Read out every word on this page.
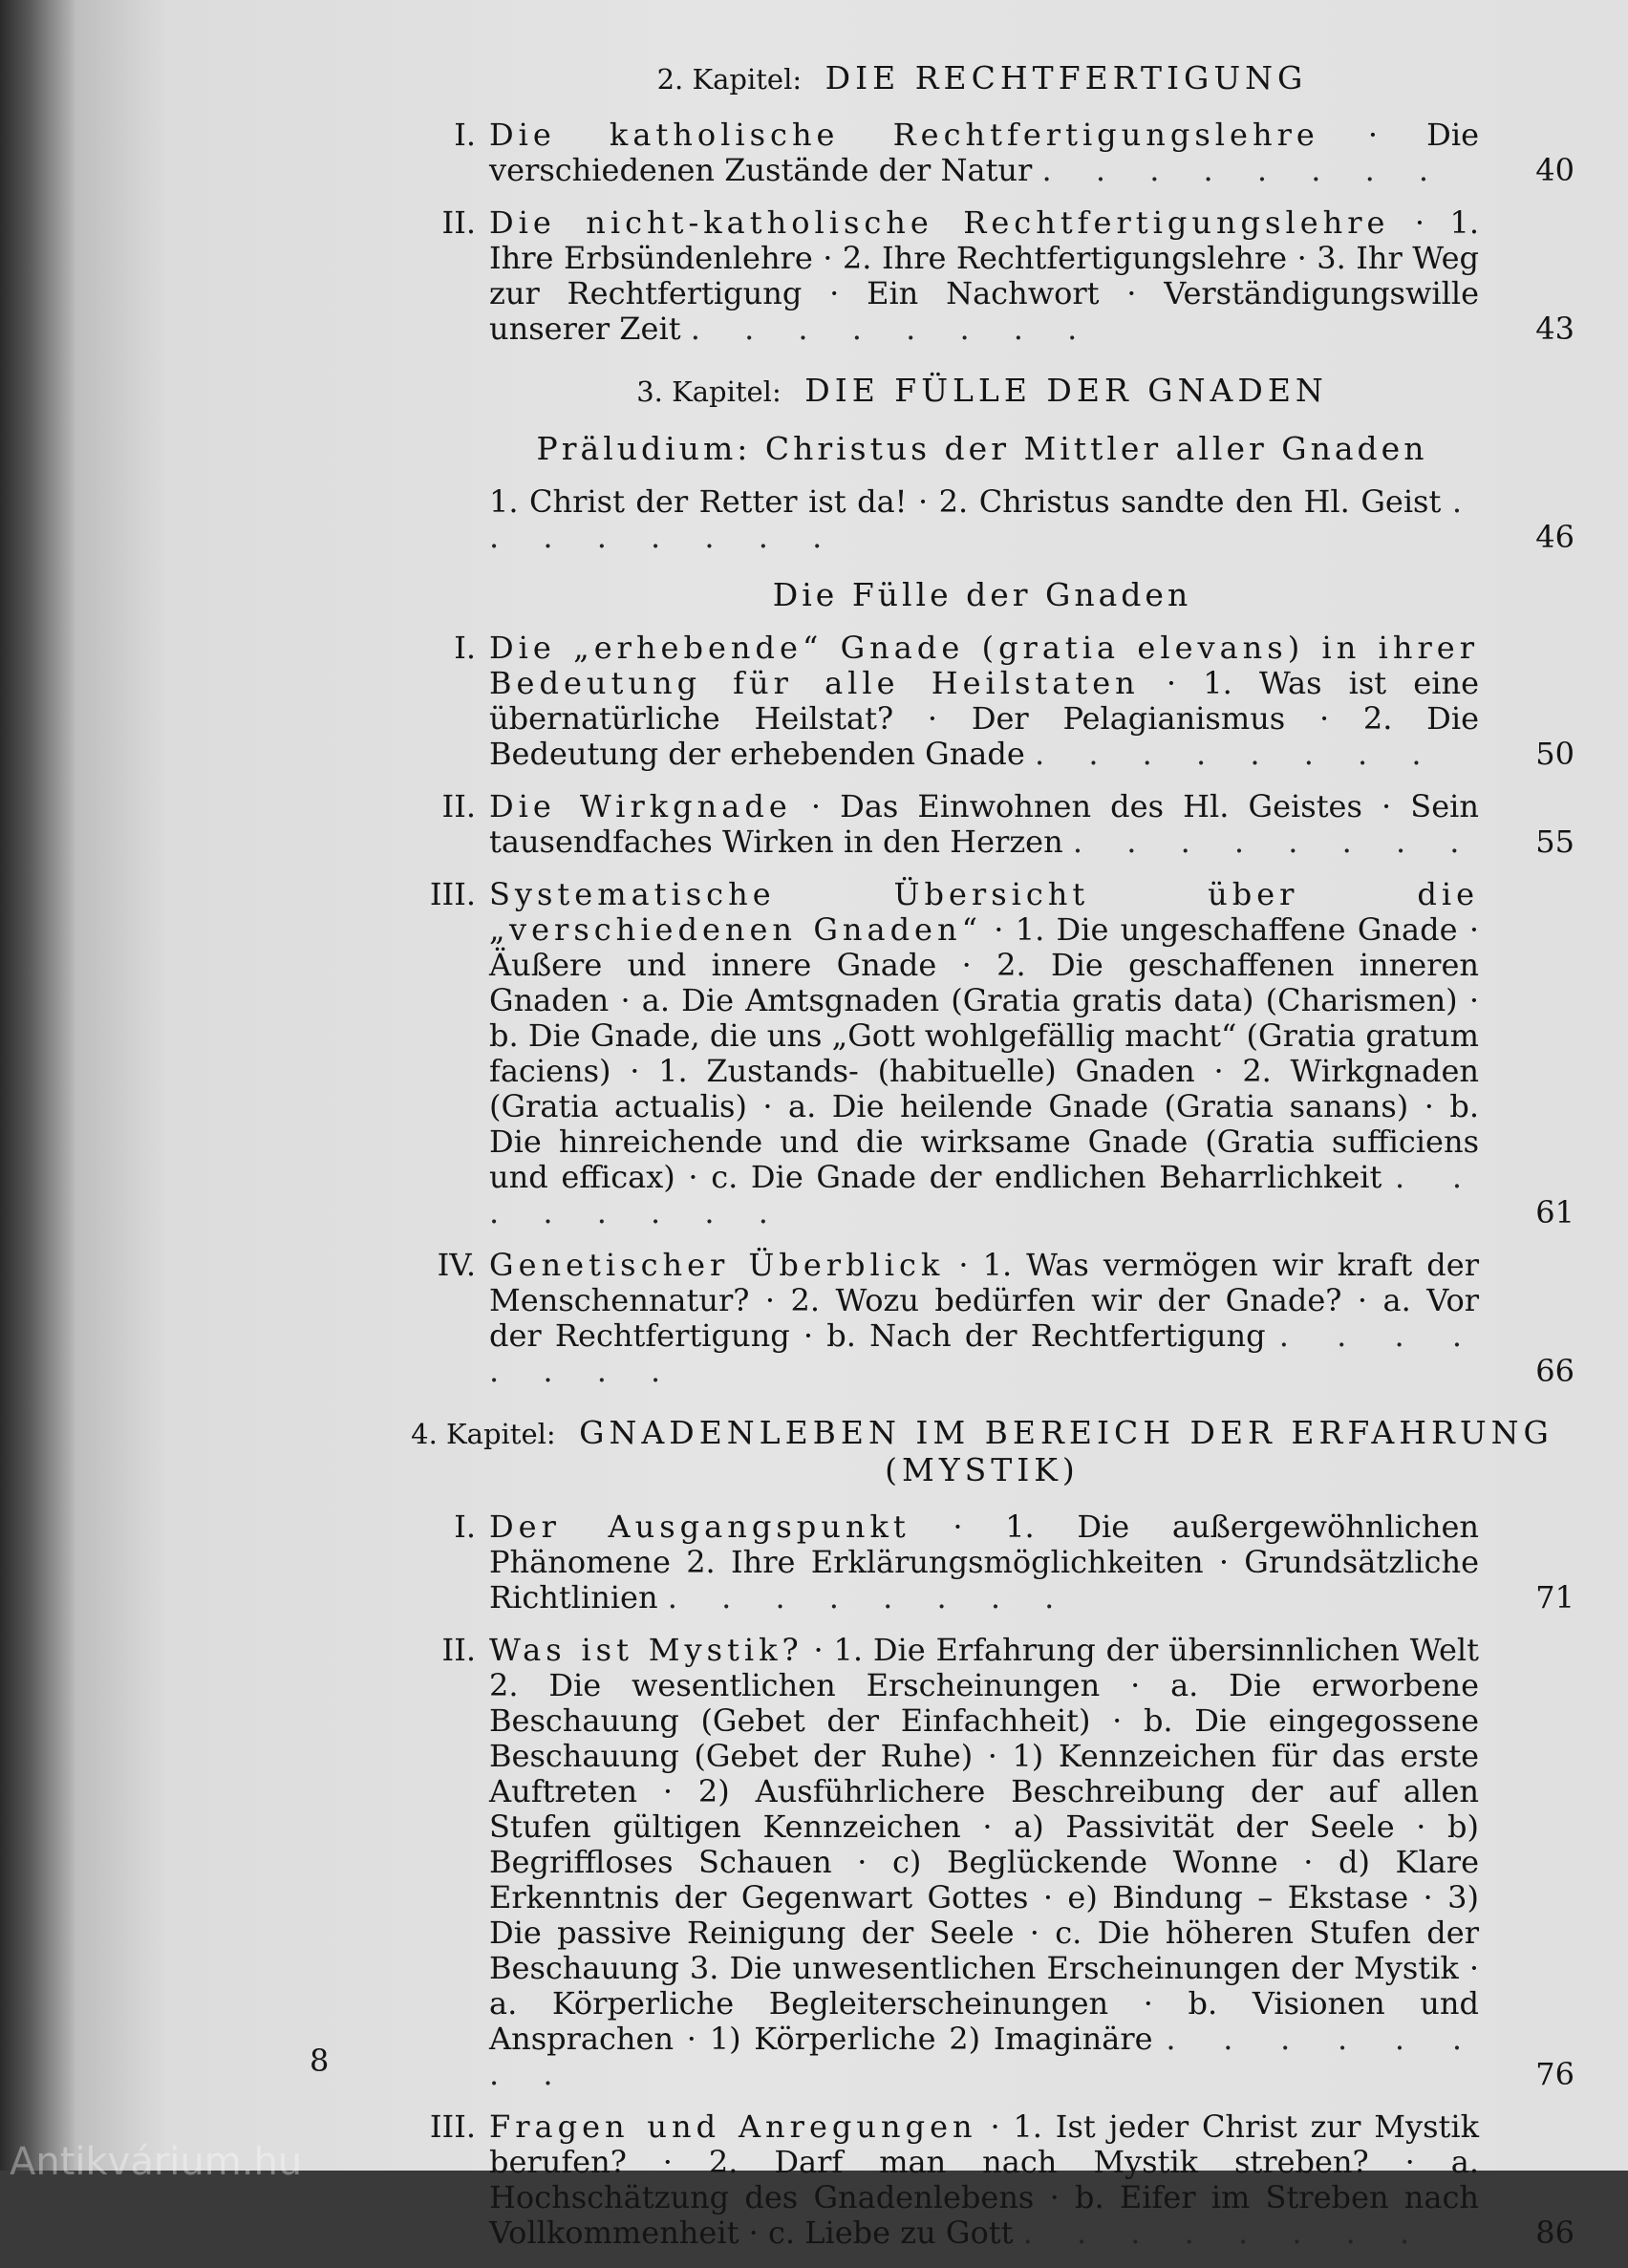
2. Kapitel: DIE RECHTFERTIGUNG
I. Die katholische Rechtfertigungslehre · Die verschiedenen Zustände der Natur . . . . . . . .	40
II. Die nicht-katholische Rechtfertigungslehre · 1. Ihre Erbsündenlehre · 2. Ihre Rechtfertigungslehre · 3. Ihr Weg zur Rechtfertigung · Ein Nachwort · Verständigungswille unserer Zeit . . . . . . . .	43
3. Kapitel: DIE FÜLLE DER GNADEN
Präludium: Christus der Mittler aller Gnaden
1. Christ der Retter ist da! · 2. Christus sandte den Hl. Geist . . . . . . . .	46
Die Fülle der Gnaden
I. Die „erhebende“ Gnade (gratia elevans) in ihrer Bedeutung für alle Heilstaten · 1. Was ist eine übernatürliche Heilstat? · Der Pelagianismus · 2. Die Bedeutung der erhebenden Gnade . . . . . . . .	50
II. Die Wirkgnade · Das Einwohnen des Hl. Geistes · Sein tausendfaches Wirken in den Herzen . . . . . . . .	55
III. Systematische Übersicht über die „verschiedenen Gnaden“ · 1. Die ungeschaffene Gnade · Äußere und innere Gnade · 2. Die geschaffenen inneren Gnaden · a. Die Amtsgnaden (Gratia gratis data) (Charismen) · b. Die Gnade, die uns „Gott wohlgefällig macht“ (Gratia gratum faciens) · 1. Zustands- (habituelle) Gnaden · 2. Wirkgnaden (Gratia actualis) · a. Die heilende Gnade (Gratia sanans) · b. Die hinreichende und die wirksame Gnade (Gratia sufficiens und efficax) · c. Die Gnade der endlichen Beharrlichkeit . . . . . . . .	61
IV. Genetischer Überblick · 1. Was vermögen wir kraft der Menschennatur? · 2. Wozu bedürfen wir der Gnade? · a. Vor der Rechtfertigung · b. Nach der Rechtfertigung . . . . . . . .	66
4. Kapitel: GNADENLEBEN IM BEREICH DER ERFAHRUNG (MYSTIK)
I. Der Ausgangspunkt · 1. Die außergewöhnlichen Phänomene 2. Ihre Erklärungsmöglichkeiten · Grundsätzliche Richtlinien . . . . . . . .	71
II. Was ist Mystik? · 1. Die Erfahrung der übersinnlichen Welt 2. Die wesentlichen Erscheinungen · a. Die erworbene Beschauung (Gebet der Einfachheit) · b. Die eingegossene Beschauung (Gebet der Ruhe) · 1) Kennzeichen für das erste Auftreten · 2) Ausführlichere Beschreibung der auf allen Stufen gültigen Kennzeichen · a) Passivität der Seele · b) Begriffloses Schauen · c) Beglückende Wonne · d) Klare Erkenntnis der Gegenwart Gottes · e) Bindung – Ekstase · 3) Die passive Reinigung der Seele · c. Die höheren Stufen der Beschauung 3. Die unwesentlichen Erscheinungen der Mystik · a. Körperliche Begleiterscheinungen · b. Visionen und Ansprachen · 1) Körperliche 2) Imaginäre . . . . . . . .	76
III. Fragen und Anregungen · 1. Ist jeder Christ zur Mystik berufen? · 2. Darf man nach Mystik streben? · a. Hochschätzung des Gnadenlebens · b. Eifer im Streben nach Vollkommenheit · c. Liebe zu Gott . . . . . . . .	86
8
Antikvárium.hu
